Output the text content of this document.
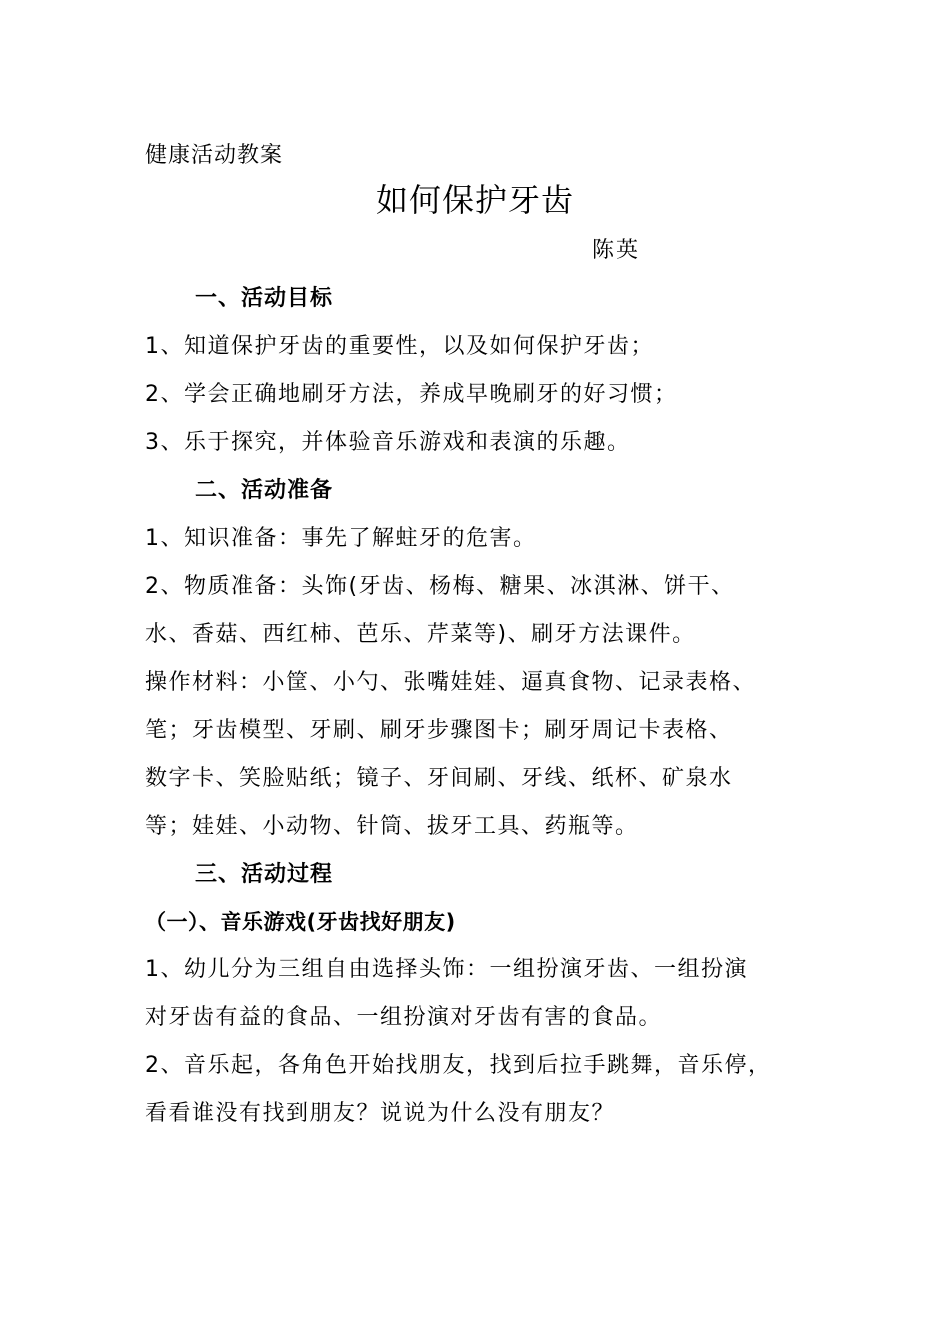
健康活动教案
如何保护牙齿
陈英
一、活动目标
1、知道保护牙齿的重要性，以及如何保护牙齿；
2、学会正确地刷牙方法，养成早晚刷牙的好习惯；
3、乐于探究，并体验音乐游戏和表演的乐趣。
二、活动准备
1、知识准备：事先了解蛀牙的危害。
2、物质准备：头饰(牙齿、杨梅、糖果、冰淇淋、饼干、
水、香菇、西红柿、芭乐、芹菜等)、刷牙方法课件。
操作材料：小筐、小勺、张嘴娃娃、逼真食物、记录表格、
笔；牙齿模型、牙刷、刷牙步骤图卡；刷牙周记卡表格、
数字卡、笑脸贴纸；镜子、牙间刷、牙线、纸杯、矿泉水
等；娃娃、小动物、针筒、拔牙工具、药瓶等。
三、活动过程
（一）、音乐游戏(牙齿找好朋友)
1、幼儿分为三组自由选择头饰：一组扮演牙齿、一组扮演
对牙齿有益的食品、一组扮演对牙齿有害的食品。
2、音乐起，各角色开始找朋友，找到后拉手跳舞，音乐停，
看看谁没有找到朋友？说说为什么没有朋友？
